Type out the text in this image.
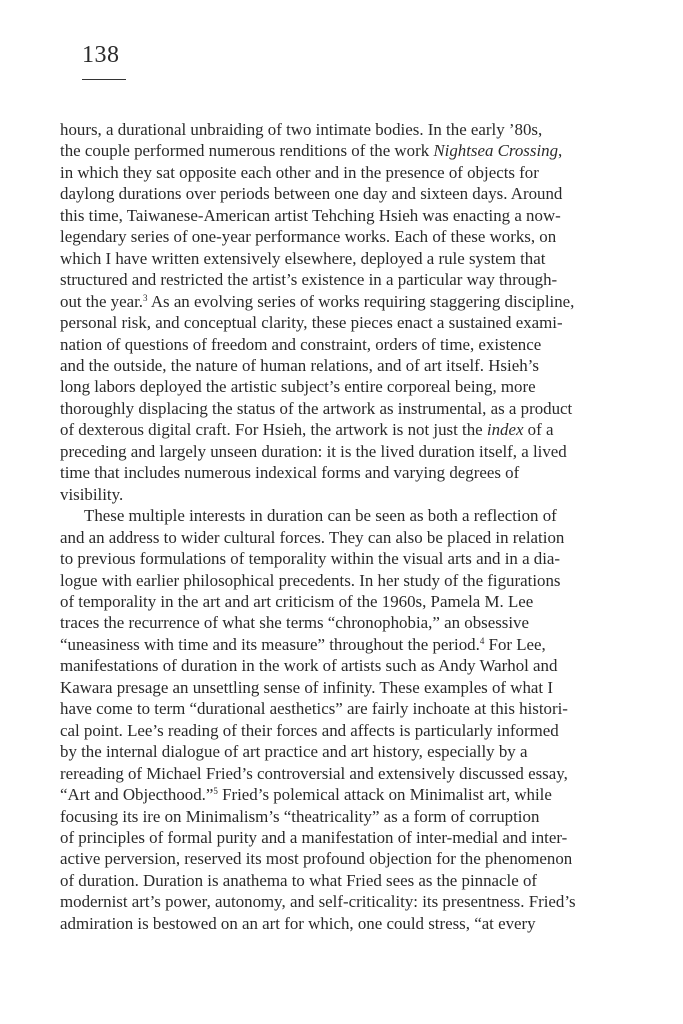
138
hours, a durational unbraiding of two intimate bodies. In the early ’80s,
the couple performed numerous renditions of the work Nightsea Crossing,
in which they sat opposite each other and in the presence of objects for
daylong durations over periods between one day and sixteen days. Around
this time, Taiwanese-American artist Tehching Hsieh was enacting a now-
legendary series of one-year performance works. Each of these works, on
which I have written extensively elsewhere, deployed a rule system that
structured and restricted the artist’s existence in a particular way through-
out the year.$^3$ As an evolving series of works requiring staggering discipline,
personal risk, and conceptual clarity, these pieces enact a sustained exami-
nation of questions of freedom and constraint, orders of time, existence
and the outside, the nature of human relations, and of art itself. Hsieh’s
long labors deployed the artistic subject’s entire corporeal being, more
thoroughly displacing the status of the artwork as instrumental, as a product
of dexterous digital craft. For Hsieh, the artwork is not just the index of a
preceding and largely unseen duration: it is the lived duration itself, a lived
time that includes numerous indexical forms and varying degrees of
visibility.
These multiple interests in duration can be seen as both a reflection of
and an address to wider cultural forces. They can also be placed in relation
to previous formulations of temporality within the visual arts and in a dia-
logue with earlier philosophical precedents. In her study of the figurations
of temporality in the art and art criticism of the 1960s, Pamela M. Lee
traces the recurrence of what she terms “chronophobia,” an obsessive
“uneasiness with time and its measure” throughout the period.$^4$ For Lee,
manifestations of duration in the work of artists such as Andy Warhol and
Kawara presage an unsettling sense of infinity. These examples of what I
have come to term “durational aesthetics” are fairly inchoate at this histori-
cal point. Lee’s reading of their forces and affects is particularly informed
by the internal dialogue of art practice and art history, especially by a
rereading of Michael Fried’s controversial and extensively discussed essay,
“Art and Objecthood.”$^5$ Fried’s polemical attack on Minimalist art, while
focusing its ire on Minimalism’s “theatricality” as a form of corruption
of principles of formal purity and a manifestation of inter-medial and inter-
active perversion, reserved its most profound objection for the phenomenon
of duration. Duration is anathema to what Fried sees as the pinnacle of
modernist art’s power, autonomy, and self-criticality: its presentness. Fried’s
admiration is bestowed on an art for which, one could stress, “at every
